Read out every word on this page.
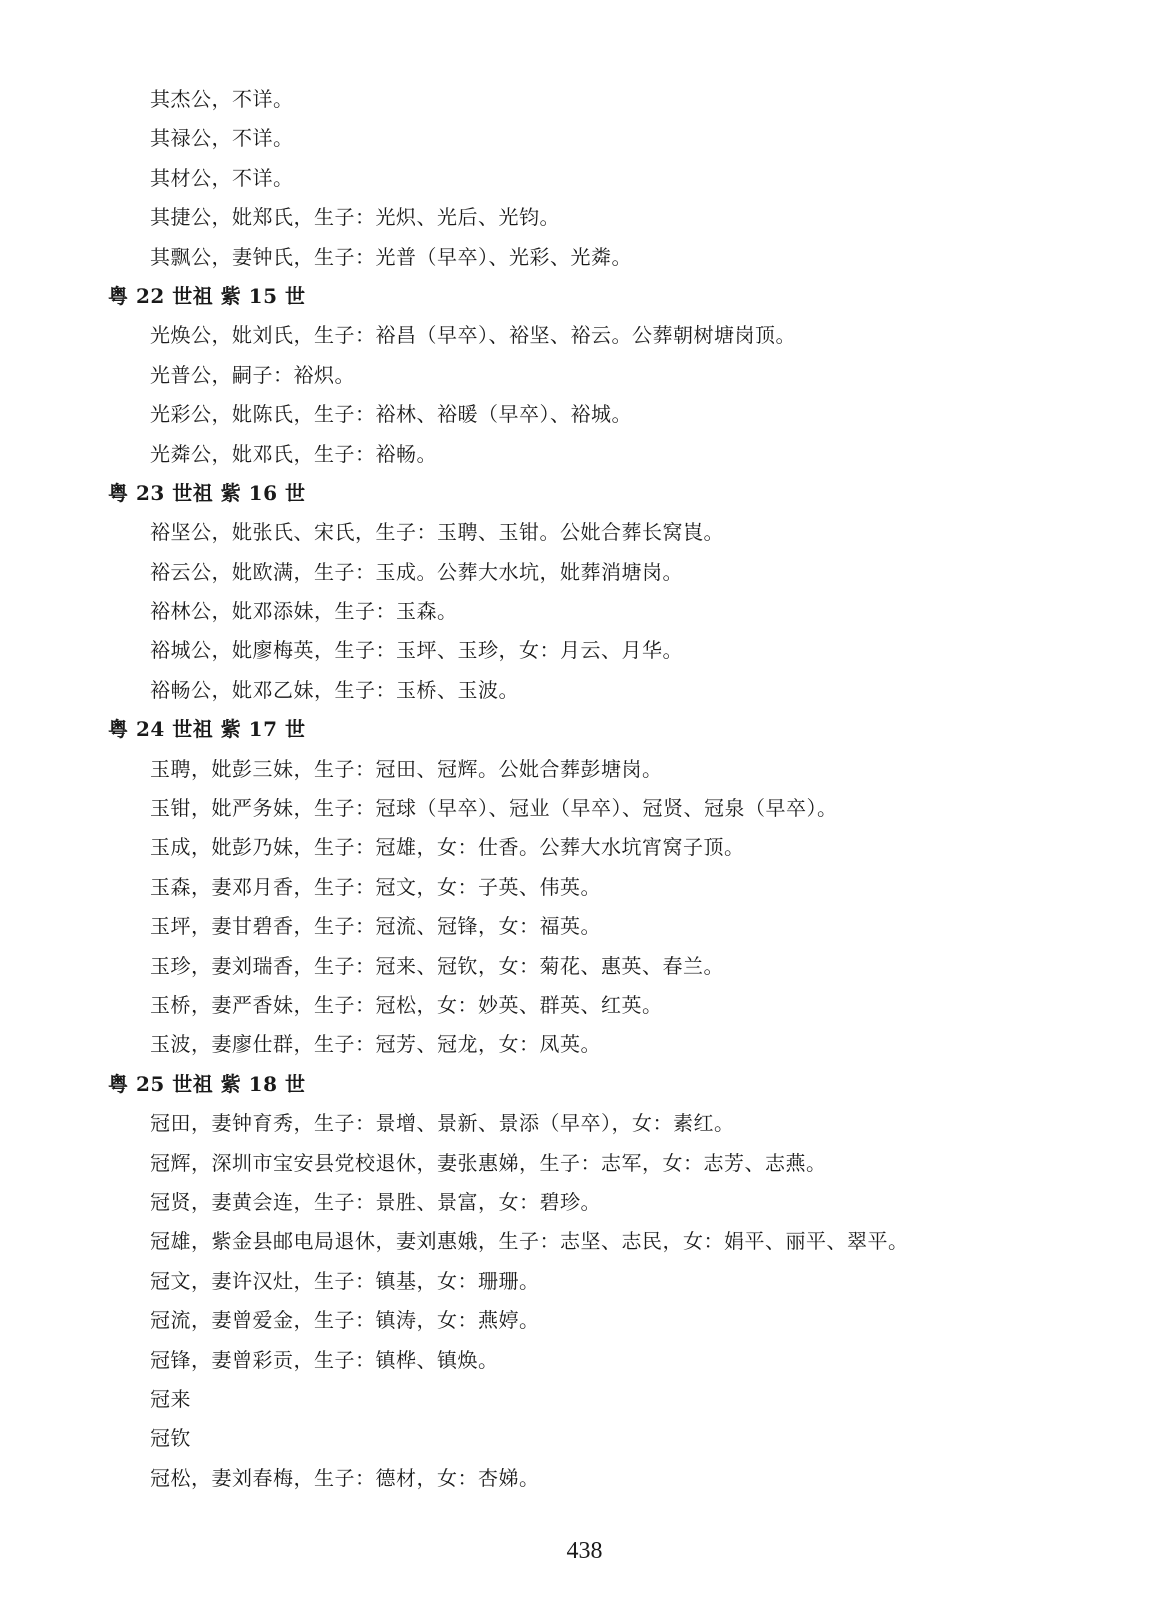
其杰公，不详。
其禄公，不详。
其材公，不详。
其捷公，妣郑氏，生子：光炽、光后、光钧。
其飘公，妻钟氏，生子：光普（早卒）、光彩、光粦。
粤 22 世祖 紫 15 世
光焕公，妣刘氏，生子：裕昌（早卒）、裕坚、裕云。公葬朝树塘岗顶。
光普公，嗣子：裕炽。
光彩公，妣陈氏，生子：裕林、裕暖（早卒）、裕城。
光粦公，妣邓氏，生子：裕畅。
粤 23 世祖 紫 16 世
裕坚公，妣张氏、宋氏，生子：玉聘、玉钳。公妣合葬长窝崀。
裕云公，妣欧满，生子：玉成。公葬大水坑，妣葬消塘岗。
裕林公，妣邓添妹，生子：玉森。
裕城公，妣廖梅英，生子：玉坪、玉珍，女：月云、月华。
裕畅公，妣邓乙妹，生子：玉桥、玉波。
粤 24 世祖 紫 17 世
玉聘，妣彭三妹，生子：冠田、冠辉。公妣合葬彭塘岗。
玉钳，妣严务妹，生子：冠球（早卒）、冠业（早卒）、冠贤、冠泉（早卒）。
玉成，妣彭乃妹，生子：冠雄，女：仕香。公葬大水坑宵窝子顶。
玉森，妻邓月香，生子：冠文，女：子英、伟英。
玉坪，妻甘碧香，生子：冠流、冠锋，女：福英。
玉珍，妻刘瑞香，生子：冠来、冠钦，女：菊花、惠英、春兰。
玉桥，妻严香妹，生子：冠松，女：妙英、群英、红英。
玉波，妻廖仕群，生子：冠芳、冠龙，女：凤英。
粤 25 世祖 紫 18 世
冠田，妻钟育秀，生子：景增、景新、景添（早卒），女：素红。
冠辉，深圳市宝安县党校退休，妻张惠娣，生子：志军，女：志芳、志燕。
冠贤，妻黄会连，生子：景胜、景富，女：碧珍。
冠雄，紫金县邮电局退休，妻刘惠娥，生子：志坚、志民，女：娟平、丽平、翠平。
冠文，妻许汉灶，生子：镇基，女：珊珊。
冠流，妻曾爱金，生子：镇涛，女：燕婷。
冠锋，妻曾彩贡，生子：镇桦、镇焕。
冠来
冠钦
冠松，妻刘春梅，生子：德材，女：杏娣。
438
